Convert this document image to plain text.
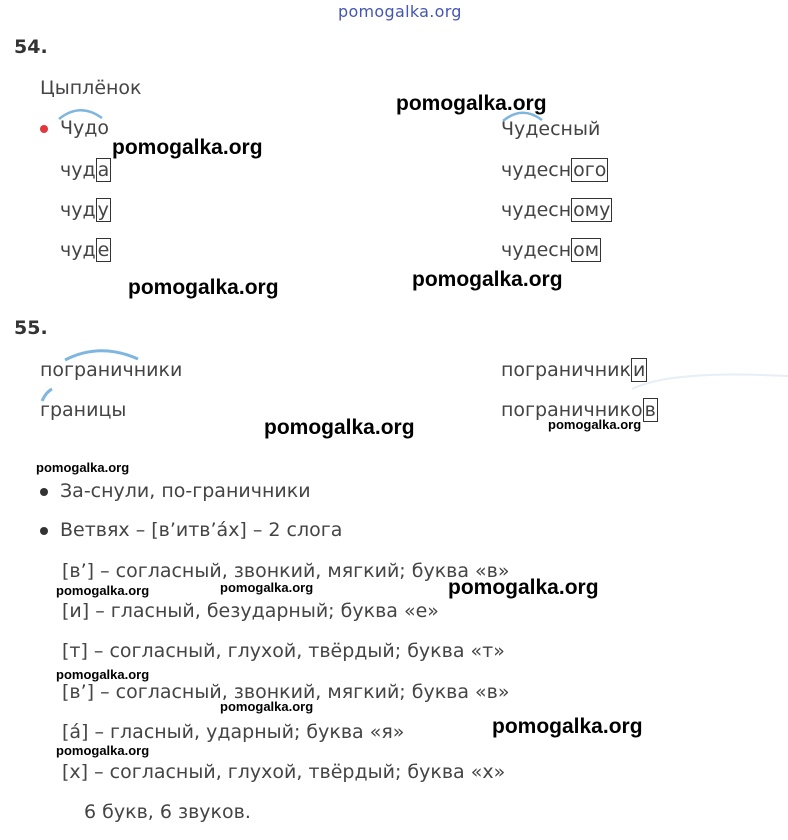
pomogalka.org
54.
Цыплёнок
Чудо
чуд а
чуд у
чуд е
Чудесный
чудесн ого
чудесн ому
чудесн ом
55.
пограничники
границы
пограничник и
пограничнико в
За-снули, по-граничники
Ветвях – [в’итв’а́х] – 2 слога
[в’] – согласный, звонкий, мягкий; буква «в»
[и] – гласный, безударный; буква «е»
[т] – согласный, глухой, твёрдый; буква «т»
[в’] – согласный, звонкий, мягкий; буква «в»
[а́] – гласный, ударный; буква «я»
[х] – согласный, глухой, твёрдый; буква «х»
6 букв, 6 звуков.
pomogalka.org
pomogalka.org
pomogalka.org	pomogalka.org
pomogalka.org	pomogalka.org
pomogalka.org
pomogalka.org	pomogalka.org	pomogalka.org
pomogalka.org
pomogalka.org
pomogalka.org
pomogalka.org
